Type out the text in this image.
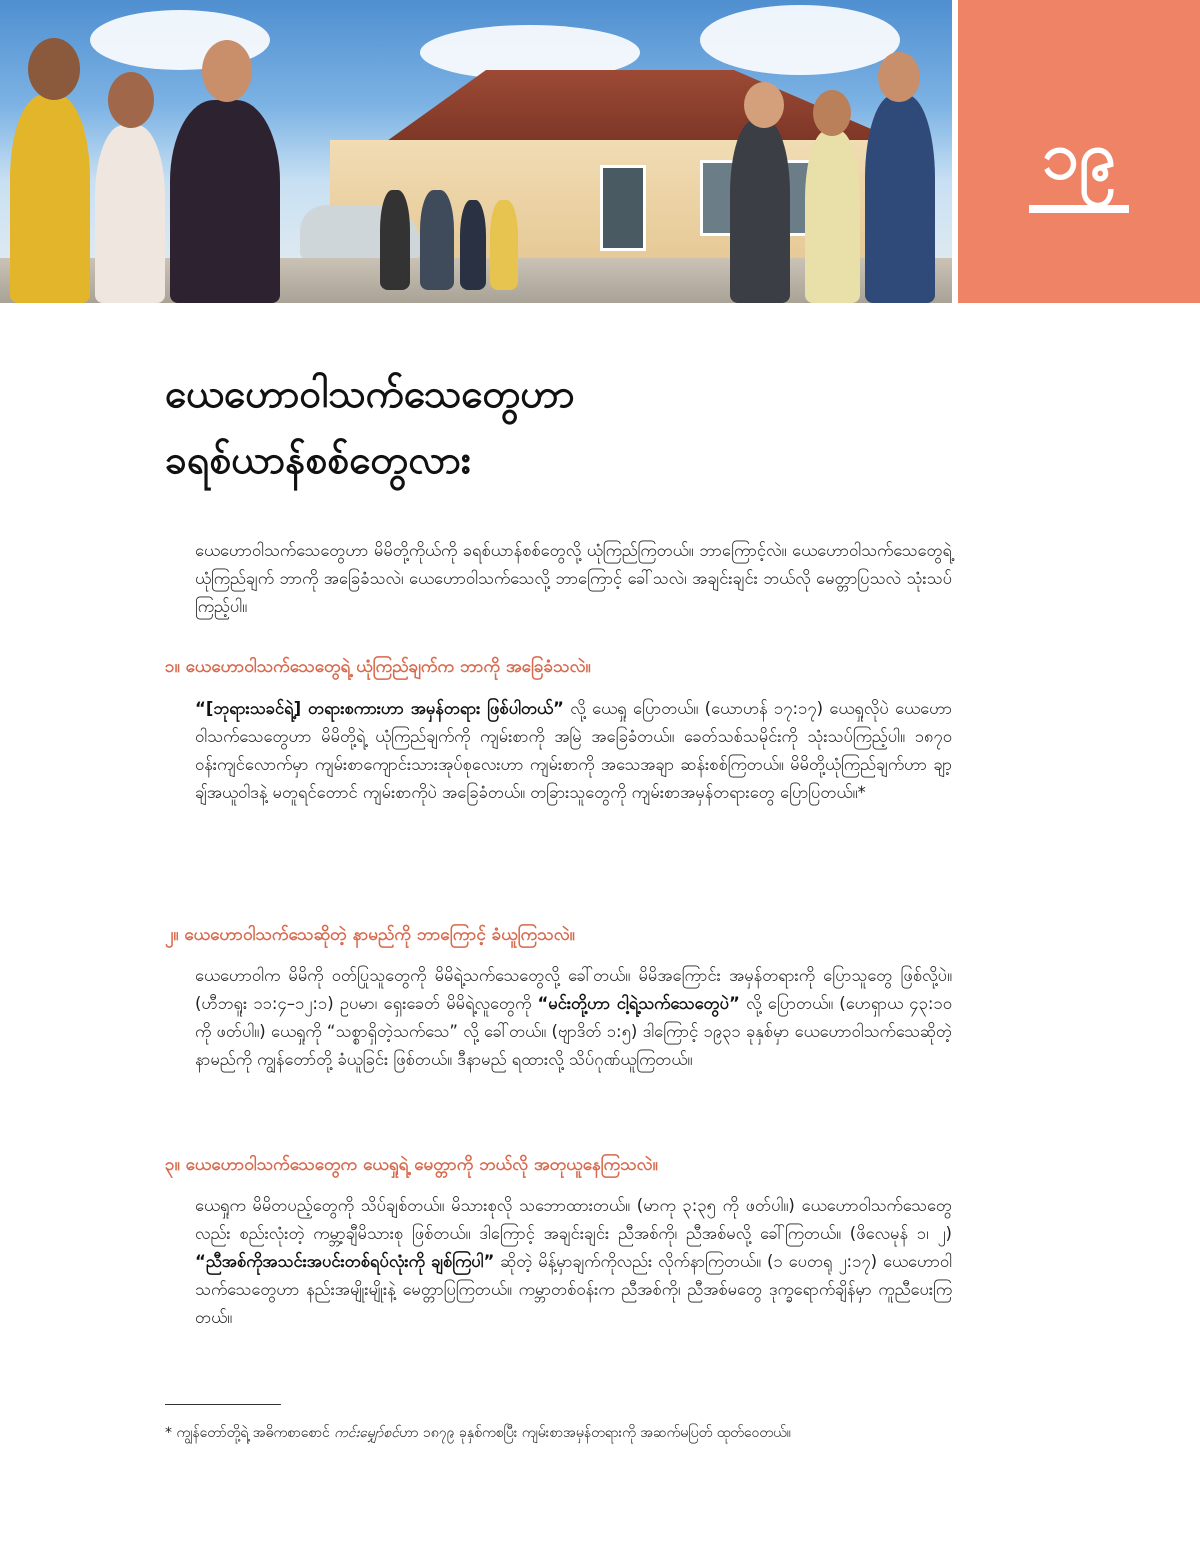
၁၉
ယေဟောဝါသက်သေတွေဟာ
ခရစ်ယာန်စစ်တွေလား
ယေဟောဝါသက်သေတွေဟာ မိမိတို့ကိုယ်ကို ခရစ်ယာန်စစ်တွေလို့ ယုံကြည်ကြတယ်။ ဘာကြောင့်လဲ။ ယေဟောဝါသက်သေတွေရဲ့ ယုံကြည်ချက် ဘာကို အခြေခံသလဲ၊ ယေဟောဝါသက်သေလို့ ဘာကြောင့် ခေါ်သလဲ၊ အချင်းချင်း ဘယ်လို မေတ္တာပြသလဲ သုံးသပ်ကြည့်ပါ။
၁။ ယေဟောဝါသက်သေတွေရဲ့ ယုံကြည်ချက်က ဘာကို အခြေခံသလဲ။
“[ဘုရားသခင်ရဲ့] တရားစကားဟာ အမှန်တရား ဖြစ်ပါတယ်” လို့ ယေရှု ပြောတယ်။ (ယောဟန် ၁၇:၁၇) ယေရှုလိုပဲ ယေဟောဝါသက်သေတွေဟာ မိမိတို့ရဲ့ ယုံကြည်ချက်ကို ကျမ်းစာကို အမြဲ အခြေခံတယ်။ ခေတ်သစ်သမိုင်းကို သုံးသပ်ကြည့်ပါ။ ၁၈၇၀ ဝန်းကျင်လောက်မှာ ကျမ်းစာကျောင်းသားအုပ်စုလေးဟာ ကျမ်းစာကို အသေအချာ ဆန်းစစ်ကြတယ်။ မိမိတို့ယုံကြည်ချက်ဟာ ချာ့ချ်အယူဝါဒနဲ့ မတူရင်တောင် ကျမ်းစာကိုပဲ အခြေခံတယ်။ တခြားသူတွေကို ကျမ်းစာအမှန်တရားတွေ ပြောပြတယ်။*
၂။ ယေဟောဝါသက်သေဆိုတဲ့ နာမည်ကို ဘာကြောင့် ခံယူကြသလဲ။
ယေဟောဝါက မိမိကို ဝတ်ပြုသူတွေကို မိမိရဲ့သက်သေတွေလို့ ခေါ်တယ်။ မိမိအကြောင်း အမှန်တရားကို ပြောသူတွေ ဖြစ်လို့ပဲ။ (ဟီဘရူး ၁၁:၄–၁၂:၁) ဥပမာ၊ ရှေးခေတ် မိမိရဲ့လူတွေကို “မင်းတို့ဟာ ငါ့ရဲ့သက်သေတွေပဲ” လို့ ပြောတယ်။ (ဟေရှာယ ၄၃:၁၀ ကို ဖတ်ပါ။) ယေရှုကို “သစ္စာရှိတဲ့သက်သေ” လို့ ခေါ်တယ်။ (ဗျာဒိတ် ၁:၅) ဒါကြောင့် ၁၉၃၁ ခုနှစ်မှာ ယေဟောဝါသက်သေဆိုတဲ့ နာမည်ကို ကျွန်တော်တို့ ခံယူခြင်း ဖြစ်တယ်။ ဒီနာမည် ရထားလို့ သိပ်ဂုဏ်ယူကြတယ်။
၃။ ယေဟောဝါသက်သေတွေက ယေရှုရဲ့ မေတ္တာကို ဘယ်လို အတုယူနေကြသလဲ။
ယေရှုက မိမိတပည့်တွေကို သိပ်ချစ်တယ်။ မိသားစုလို သဘောထားတယ်။ (မာကု ၃:၃၅ ကို ဖတ်ပါ။) ယေဟောဝါသက်သေတွေလည်း စည်းလုံးတဲ့ ကမ္ဘာ့ချီမိသားစု ဖြစ်တယ်။ ဒါကြောင့် အချင်းချင်း ညီအစ်ကို၊ ညီအစ်မလို့ ခေါ်ကြတယ်။ (ဖိလေမုန် ၁၊ ၂) “ညီအစ်ကိုအသင်းအပင်းတစ်ရပ်လုံးကို ချစ်ကြပါ” ဆိုတဲ့ မိန့်မှာချက်ကိုလည်း လိုက်နာကြတယ်။ (၁ ပေတရု ၂:၁၇) ယေဟောဝါသက်သေတွေဟာ နည်းအမျိုးမျိုးနဲ့ မေတ္တာပြကြတယ်။ ကမ္ဘာတစ်ဝန်းက ညီအစ်ကို၊ ညီအစ်မတွေ ဒုက္ခရောက်ချိန်မှာ ကူညီပေးကြတယ်။
* ကျွန်တော်တို့ရဲ့ အဓိကစာစောင် ကင်းမျှော်စင်ဟာ ၁၈၇၉ ခုနှစ်ကစပြီး ကျမ်းစာအမှန်တရားကို အဆက်မပြတ် ထုတ်ဝေတယ်။
